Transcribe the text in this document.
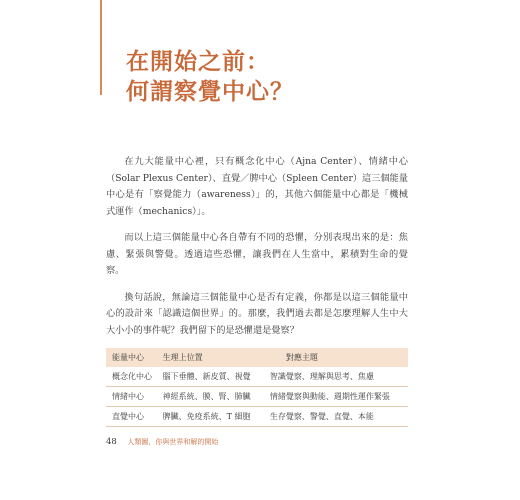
在開始之前：
何謂察覺中心？

在九大能量中心裡，只有概念化中心（Ajna Center）、情緒中心（Solar Plexus Center）、直覺／脾中心（Spleen Center）這三個能量中心是有「察覺能力（awareness）」的，其他六個能量中心都是「機械式運作（mechanics）」。

而以上這三個能量中心各自帶有不同的恐懼，分別表現出來的是：焦慮、緊張與警覺。透過這些恐懼，讓我們在人生當中，累積對生命的覺察。

換句話說，無論這三個能量中心是否有定義，你都是以這三個能量中心的設計來「認識這個世界」的。那麼，我們過去都是怎麼理解人生中大大小小的事件呢？我們留下的是恐懼還是覺察？

能量中心	生理上位置	對應主題
概念化中心	腦下垂體、新皮質、視覺	智識覺察、理解與思考、焦慮
情緒中心	神經系統、膜、腎、肺臟	情緒覺察與動能、週期性運作緊張
直覺中心	脾臟、免疫系統、T 細胞	生存覺察、警覺、直覺、本能
48 人類圖，你與世界和解的開始
